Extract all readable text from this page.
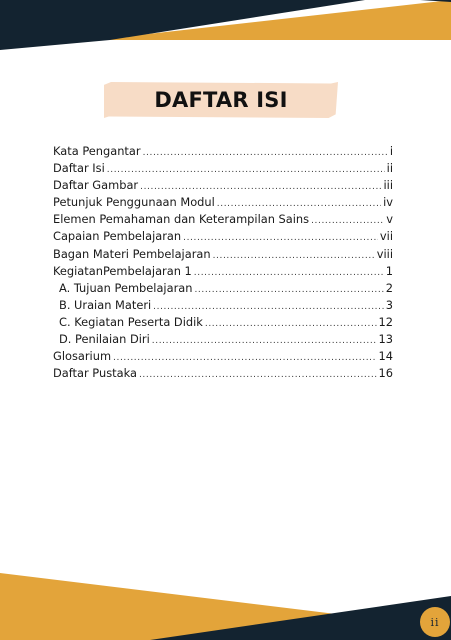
DAFTAR ISI
Kata Pengantar .....	i
Daftar Isi .....	ii
Daftar Gambar .....	iii
Petunjuk Penggunaan Modul .....	iv
Elemen Pemahaman dan Keterampilan Sains .....	v
Capaian Pembelajaran .....	vii
Bagan Materi Pembelajaran .....	viii
KegiatanPembelajaran 1 .....	1
A. Tujuan Pembelajaran .....	2
B. Uraian Materi .....	3
C. Kegiatan Peserta Didik .....	12
D. Penilaian Diri .....	13
Glosarium .....	14
Daftar Pustaka .....	16
ii
